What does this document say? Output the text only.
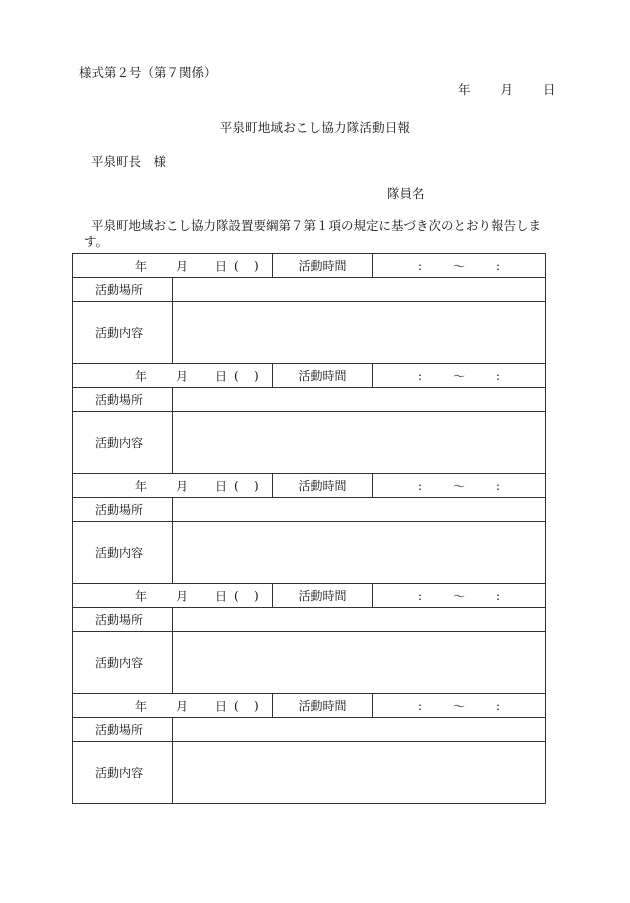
様式第２号（第７関係）
年 月 日
平泉町地域おこし協力隊活動日報
平泉町長　様
隊員名
平泉町地域おこし協力隊設置要綱第７第１項の規定に基づき次のとおり報告します。
年 月 日 ( )		活動時間	: ～ :

活動場所			
活動内容			

年 月 日 ( )		活動時間	: ～ :

活動場所			
活動内容			

年 月 日 ( )		活動時間	: ～ :

活動場所			
活動内容			

年 月 日 ( )		活動時間	: ～ :

活動場所			
活動内容			

年 月 日 ( )		活動時間	: ～ :

活動場所			
活動内容			
